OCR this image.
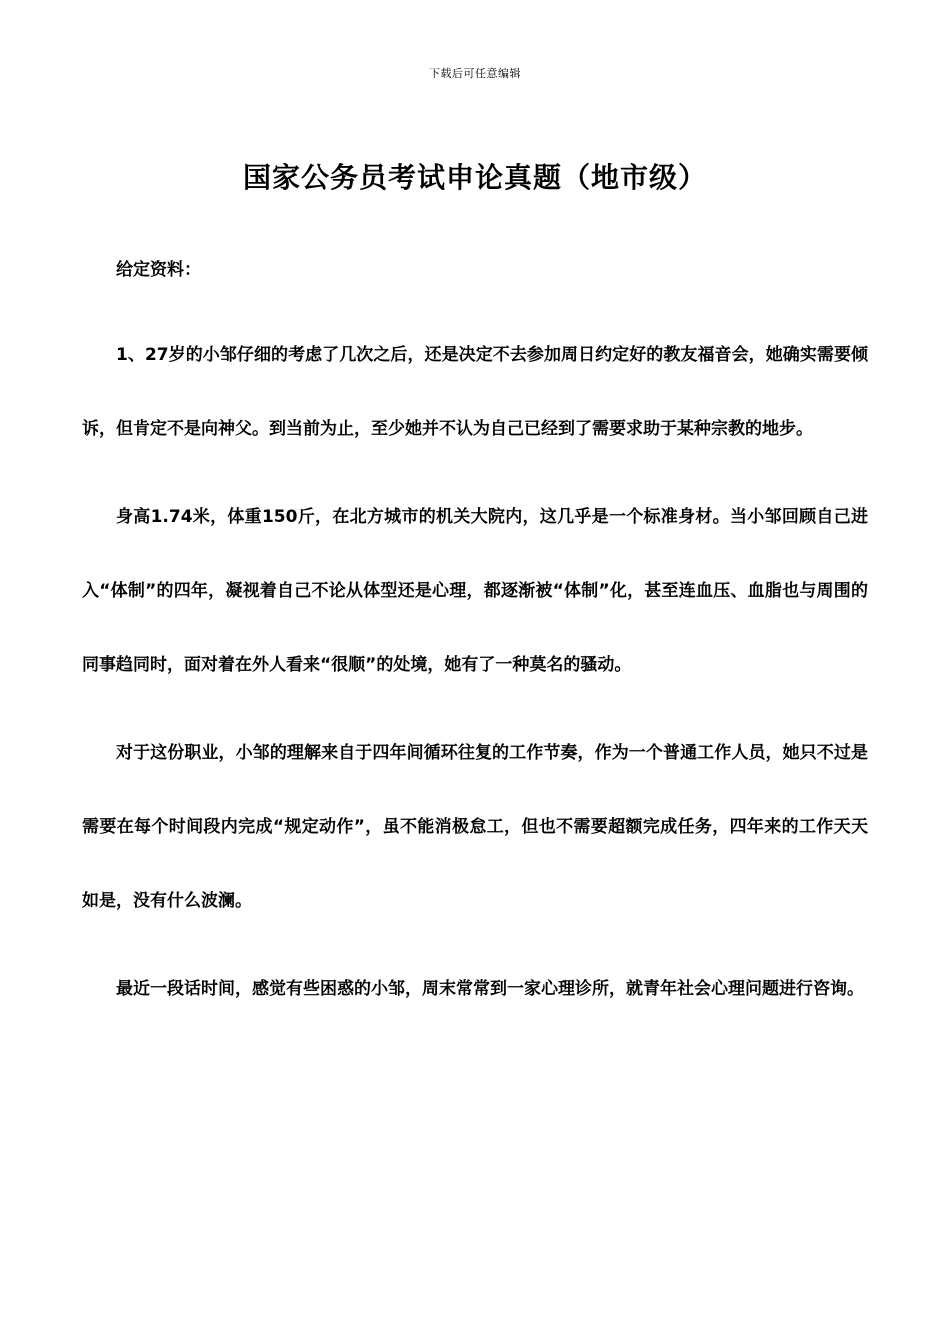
下载后可任意编辑
国家公务员考试申论真题（地市级）

给定资料：

1、27岁的小邹仔细的考虑了几次之后，还是决定不去参加周日约定好的教友福音会，她确实需要倾诉，但肯定不是向神父。到当前为止，至少她并不认为自己已经到了需要求助于某种宗教的地步。

身高1.74米，体重150斤，在北方城市的机关大院内，这几乎是一个标准身材。当小邹回顾自己进入“体制”的四年，凝视着自己不论从体型还是心理，都逐渐被“体制”化，甚至连血压、血脂也与周围的同事趋同时，面对着在外人看来“很顺”的处境，她有了一种莫名的骚动。

对于这份职业，小邹的理解来自于四年间循环往复的工作节奏，作为一个普通工作人员，她只不过是需要在每个时间段内完成“规定动作”，虽不能消极怠工，但也不需要超额完成任务，四年来的工作天天如是，没有什么波澜。

最近一段话时间，感觉有些困惑的小邹，周末常常到一家心理诊所，就青年社会心理问题进行咨询。
